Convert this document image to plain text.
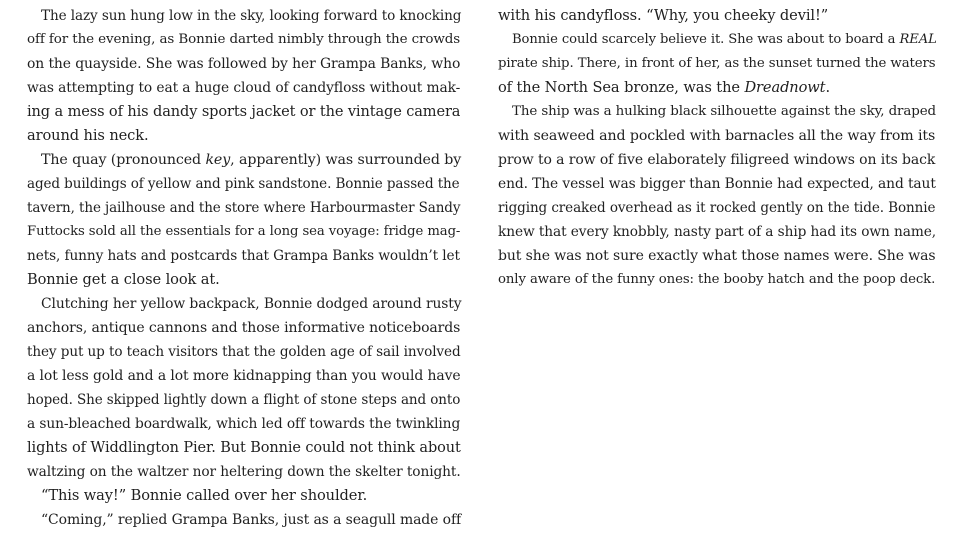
The lazy sun hung low in the sky, looking forward to knocking
off for the evening, as Bonnie darted nimbly through the crowds
on the quayside. She was followed by her Grampa Banks, who
was attempting to eat a huge cloud of candyfloss without mak-
ing a mess of his dandy sports jacket or the vintage camera
around his neck.
The quay (pronounced key, apparently) was surrounded by
aged buildings of yellow and pink sandstone. Bonnie passed the
tavern, the jailhouse and the store where Harbourmaster Sandy
Futtocks sold all the essentials for a long sea voyage: fridge mag-
nets, funny hats and postcards that Grampa Banks wouldn’t let
Bonnie get a close look at.
Clutching her yellow backpack, Bonnie dodged around rusty
anchors, antique cannons and those informative noticeboards
they put up to teach visitors that the golden age of sail involved
a lot less gold and a lot more kidnapping than you would have
hoped. She skipped lightly down a flight of stone steps and onto
a sun-bleached boardwalk, which led off towards the twinkling
lights of Widdlington Pier. But Bonnie could not think about
waltzing on the waltzer nor heltering down the skelter tonight.
“This way!” Bonnie called over her shoulder.
“Coming,” replied Grampa Banks, just as a seagull made off
with his candyfloss. “Why, you cheeky devil!”
Bonnie could scarcely believe it. She was about to board a REAL
pirate ship. There, in front of her, as the sunset turned the waters
of the North Sea bronze, was the Dreadnowt.
The ship was a hulking black silhouette against the sky, draped
with seaweed and pockled with barnacles all the way from its
prow to a row of five elaborately filigreed windows on its back
end. The vessel was bigger than Bonnie had expected, and taut
rigging creaked overhead as it rocked gently on the tide. Bonnie
knew that every knobbly, nasty part of a ship had its own name,
but she was not sure exactly what those names were. She was
only aware of the funny ones: the booby hatch and the poop deck.
